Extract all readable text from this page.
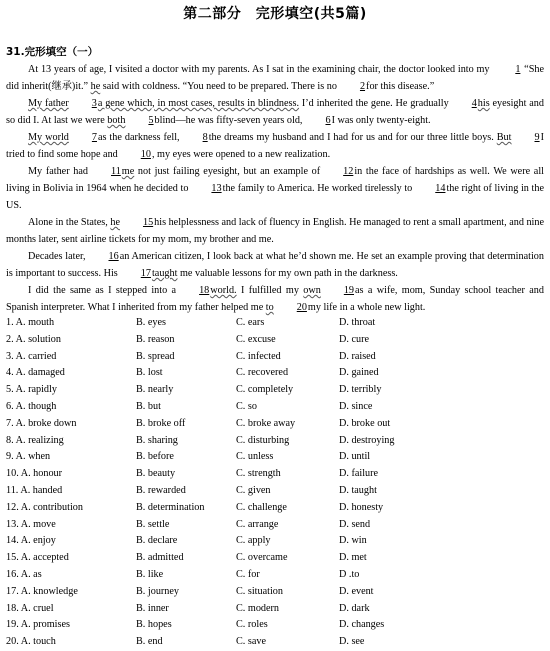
第二部分　完形填空(共5篇)
31.完形填空（一）

At 13 years of age, I visited a doctor with my parents. As I sat in the examining chair, the doctor looked into my 1 “She did inherit(继承)it.” he said with coldness. “You need to be prepared. There is no 2for this disease.”

My father 3a gene which, in most cases, results in blindness. I’d inherited the gene. He gradually 4his eyesight and so did I. At last we were both 5blind—he was fifty-seven years old, 6I was only twenty-eight.

My world 7as the darkness fell, 8the dreams my husband and I had for us and for our three little boys. But 9I tried to find some hope and 10, my eyes were opened to a new realization.

My father had 11me not just failing eyesight, but an example of 12in the face of hardships as well. We were all living in Bolivia in 1964 when he decided to 13the family to America. He worked tirelessly to 14the right of living in the US.

Alone in the States, he 15his helplessness and lack of fluency in English. He managed to rent a small apartment, and nine months later, sent airline tickets for my mom, my brother and me.

Decades later, 16an American citizen, I look back at what he’d shown me. He set an example proving that determination is important to success. His 17taught me valuable lessons for my own path in the darkness.

I did the same as I stepped into a 18world. I fulfilled my own 19as a wife, mom, Sunday school teacher and Spanish interpreter. What I inherited from my father helped me to 20my life in a whole new light.

1. A. mouth	B. eyes	C. ears	D. throat
2. A. solution	B. reason	C. excuse	D. cure
3. A. carried	B. spread	C. infected	D. raised
4. A. damaged	B. lost	C. recovered	D. gained
5. A. rapidly	B. nearly	C. completely	D. terribly
6. A. though	B. but	C. so	D. since
7. A. broke down	B. broke off	C. broke away	D. broke out
8. A. realizing	B. sharing	C. disturbing	D. destroying
9. A. when	B. before	C. unless	D. until
10. A. honour	B. beauty	C. strength	D. failure
11. A. handed	B. rewarded	C. given	D. taught
12. A. contribution	B. determination	C. challenge	D. honesty
13. A. move	B. settle	C. arrange	D. send
14. A. enjoy	B. declare	C. apply	D. win
15. A. accepted	B. admitted	C. overcame	D. met
16. A. as	B. like	C. for	D .to
17. A. knowledge	B. journey	C. situation	D. event
18. A. cruel	B. inner	C. modern	D. dark
19. A. promises	B. hopes	C. roles	D. changes
20. A. touch	B. end	C. save	D. see
